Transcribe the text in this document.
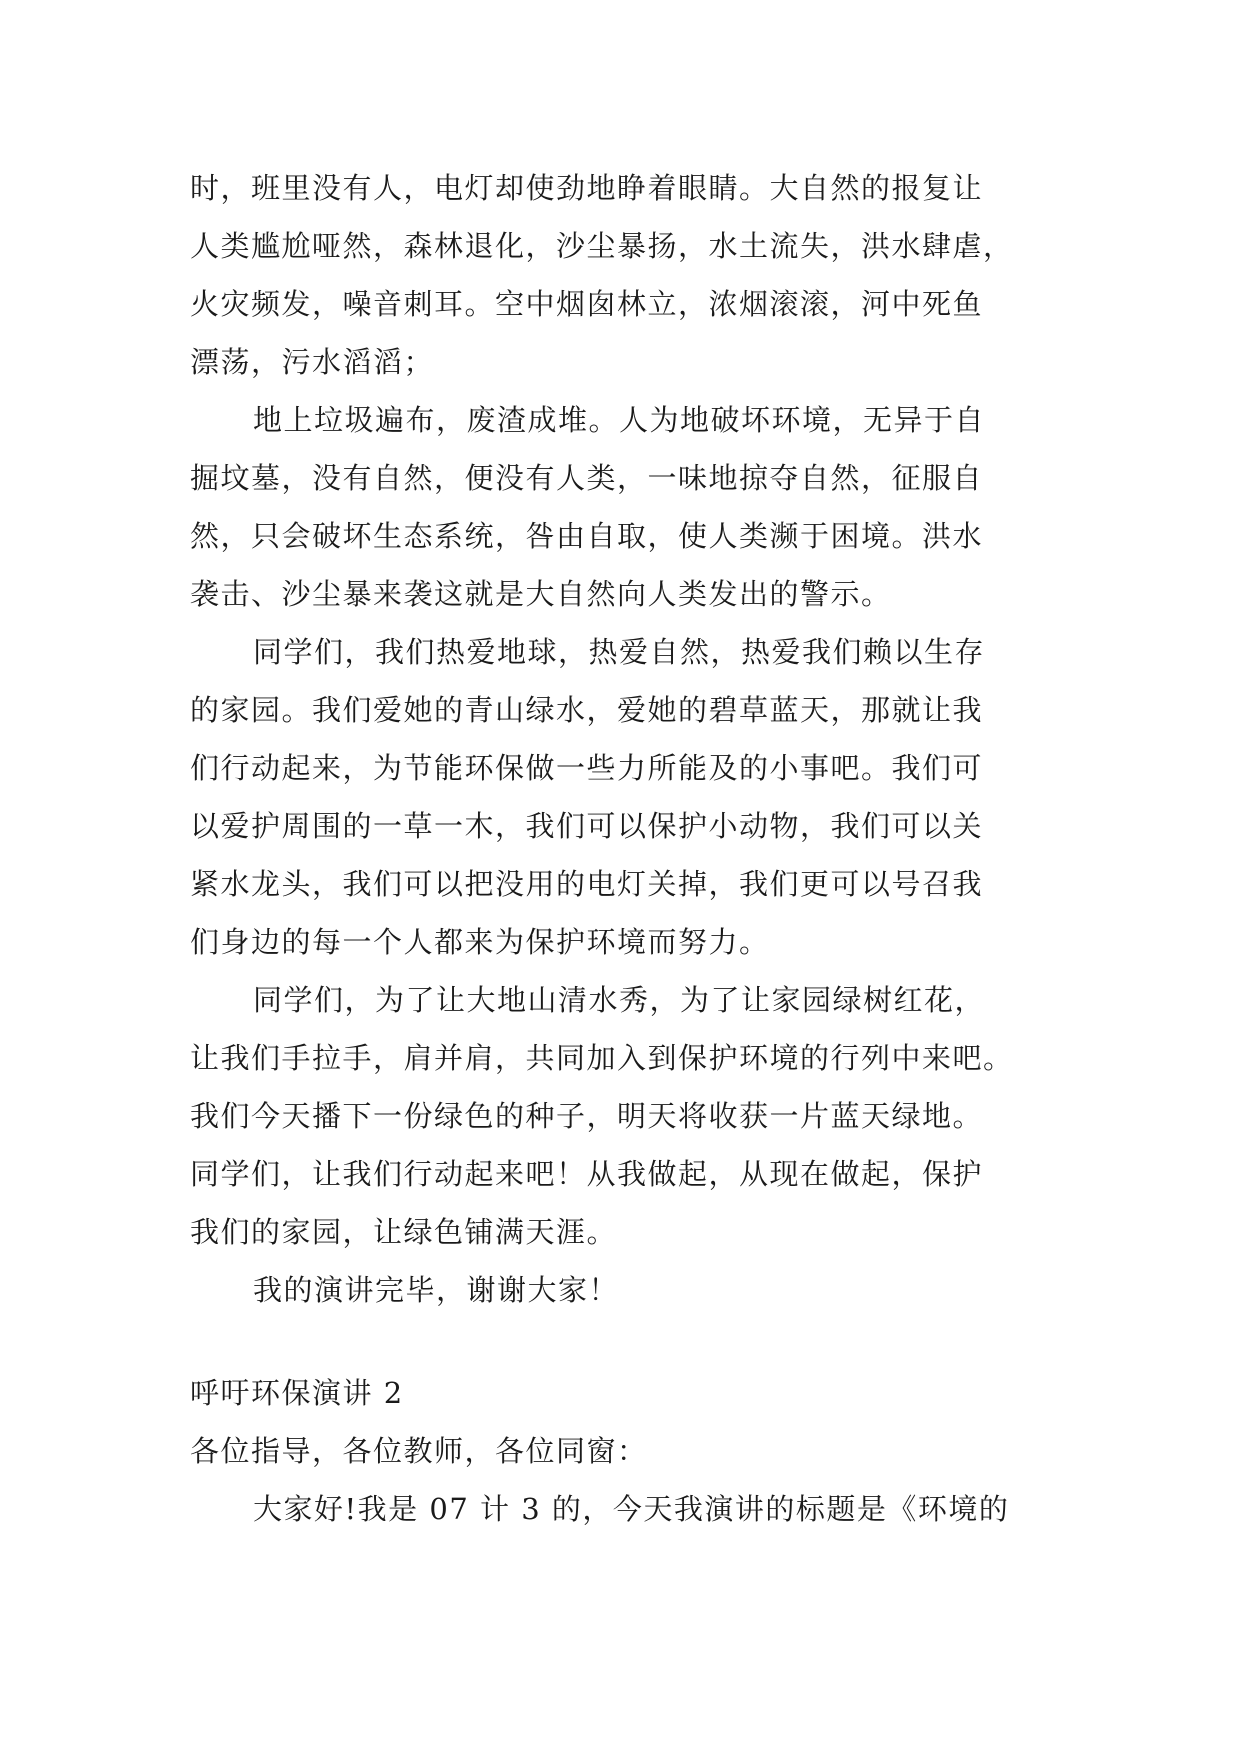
时，班里没有人，电灯却使劲地睁着眼睛。大自然的报复让
人类尴尬哑然，森林退化，沙尘暴扬，水土流失，洪水肆虐，
火灾频发，噪音刺耳。空中烟囱林立，浓烟滚滚，河中死鱼
漂荡，污水滔滔；
地上垃圾遍布，废渣成堆。人为地破坏环境，无异于自
掘坟墓，没有自然，便没有人类，一味地掠夺自然，征服自
然，只会破坏生态系统，咎由自取，使人类濒于困境。洪水
袭击、沙尘暴来袭这就是大自然向人类发出的警示。
同学们，我们热爱地球，热爱自然，热爱我们赖以生存
的家园。我们爱她的青山绿水，爱她的碧草蓝天，那就让我
们行动起来，为节能环保做一些力所能及的小事吧。我们可
以爱护周围的一草一木，我们可以保护小动物，我们可以关
紧水龙头，我们可以把没用的电灯关掉，我们更可以号召我
们身边的每一个人都来为保护环境而努力。
同学们，为了让大地山清水秀，为了让家园绿树红花，
让我们手拉手，肩并肩，共同加入到保护环境的行列中来吧。
我们今天播下一份绿色的种子，明天将收获一片蓝天绿地。
同学们，让我们行动起来吧！从我做起，从现在做起，保护
我们的家园，让绿色铺满天涯。
我的演讲完毕，谢谢大家！
呼吁环保演讲 2
各位指导，各位教师，各位同窗：
大家好!我是 07 计 3 的，今天我演讲的标题是《环境的
